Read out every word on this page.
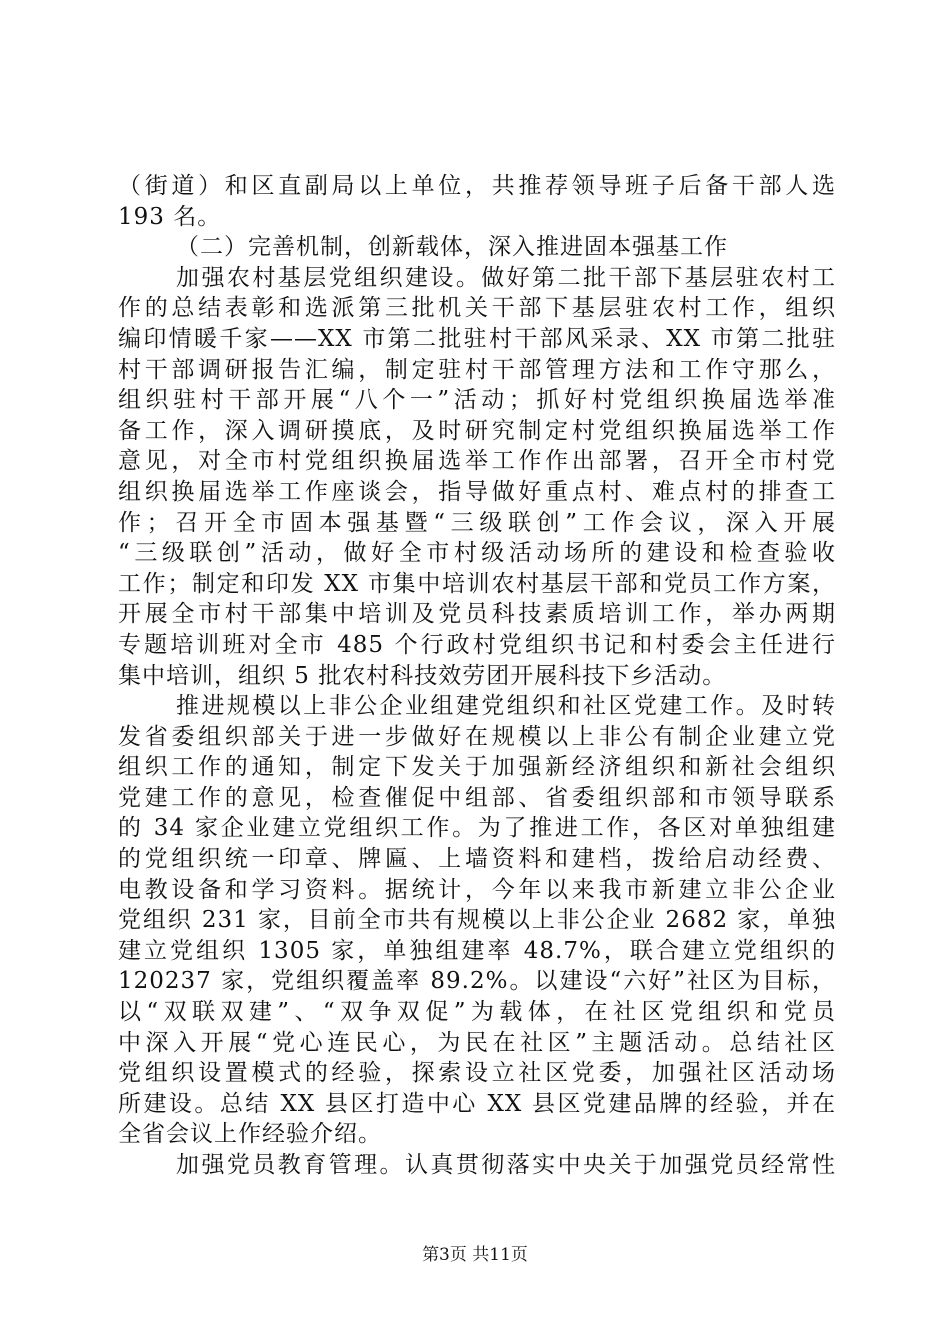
（街道）和区直副局以上单位，共推荐领导班子后备干部人选
193 名。
（二）完善机制，创新载体，深入推进固本强基工作
加强农村基层党组织建设。做好第二批干部下基层驻农村工
作的总结表彰和选派第三批机关干部下基层驻农村工作，组织
编印情暖千家——XX 市第二批驻村干部风采录、XX 市第二批驻
村干部调研报告汇编，制定驻村干部管理方法和工作守那么，
组织驻村干部开展“八个一”活动；抓好村党组织换届选举准
备工作，深入调研摸底，及时研究制定村党组织换届选举工作
意见，对全市村党组织换届选举工作作出部署，召开全市村党
组织换届选举工作座谈会，指导做好重点村、难点村的排查工
作；召开全市固本强基暨“三级联创”工作会议，深入开展
“三级联创”活动，做好全市村级活动场所的建设和检查验收
工作；制定和印发 XX 市集中培训农村基层干部和党员工作方案，
开展全市村干部集中培训及党员科技素质培训工作，举办两期
专题培训班对全市 485 个行政村党组织书记和村委会主任进行
集中培训，组织 5 批农村科技效劳团开展科技下乡活动。
推进规模以上非公企业组建党组织和社区党建工作。及时转
发省委组织部关于进一步做好在规模以上非公有制企业建立党
组织工作的通知，制定下发关于加强新经济组织和新社会组织
党建工作的意见，检查催促中组部、省委组织部和市领导联系
的 34 家企业建立党组织工作。为了推进工作，各区对单独组建
的党组织统一印章、牌匾、上墙资料和建档，拨给启动经费、
电教设备和学习资料。据统计，今年以来我市新建立非公企业
党组织 231 家，目前全市共有规模以上非公企业 2682 家，单独
建立党组织 1305 家，单独组建率 48.7%，联合建立党组织的
120237 家，党组织覆盖率 89.2%。以建设“六好”社区为目标，
以“双联双建”、“双争双促”为载体，在社区党组织和党员
中深入开展“党心连民心，为民在社区”主题活动。总结社区
党组织设置模式的经验，探索设立社区党委，加强社区活动场
所建设。总结 XX 县区打造中心 XX 县区党建品牌的经验，并在
全省会议上作经验介绍。
加强党员教育管理。认真贯彻落实中央关于加强党员经常性
第3页 共11页
